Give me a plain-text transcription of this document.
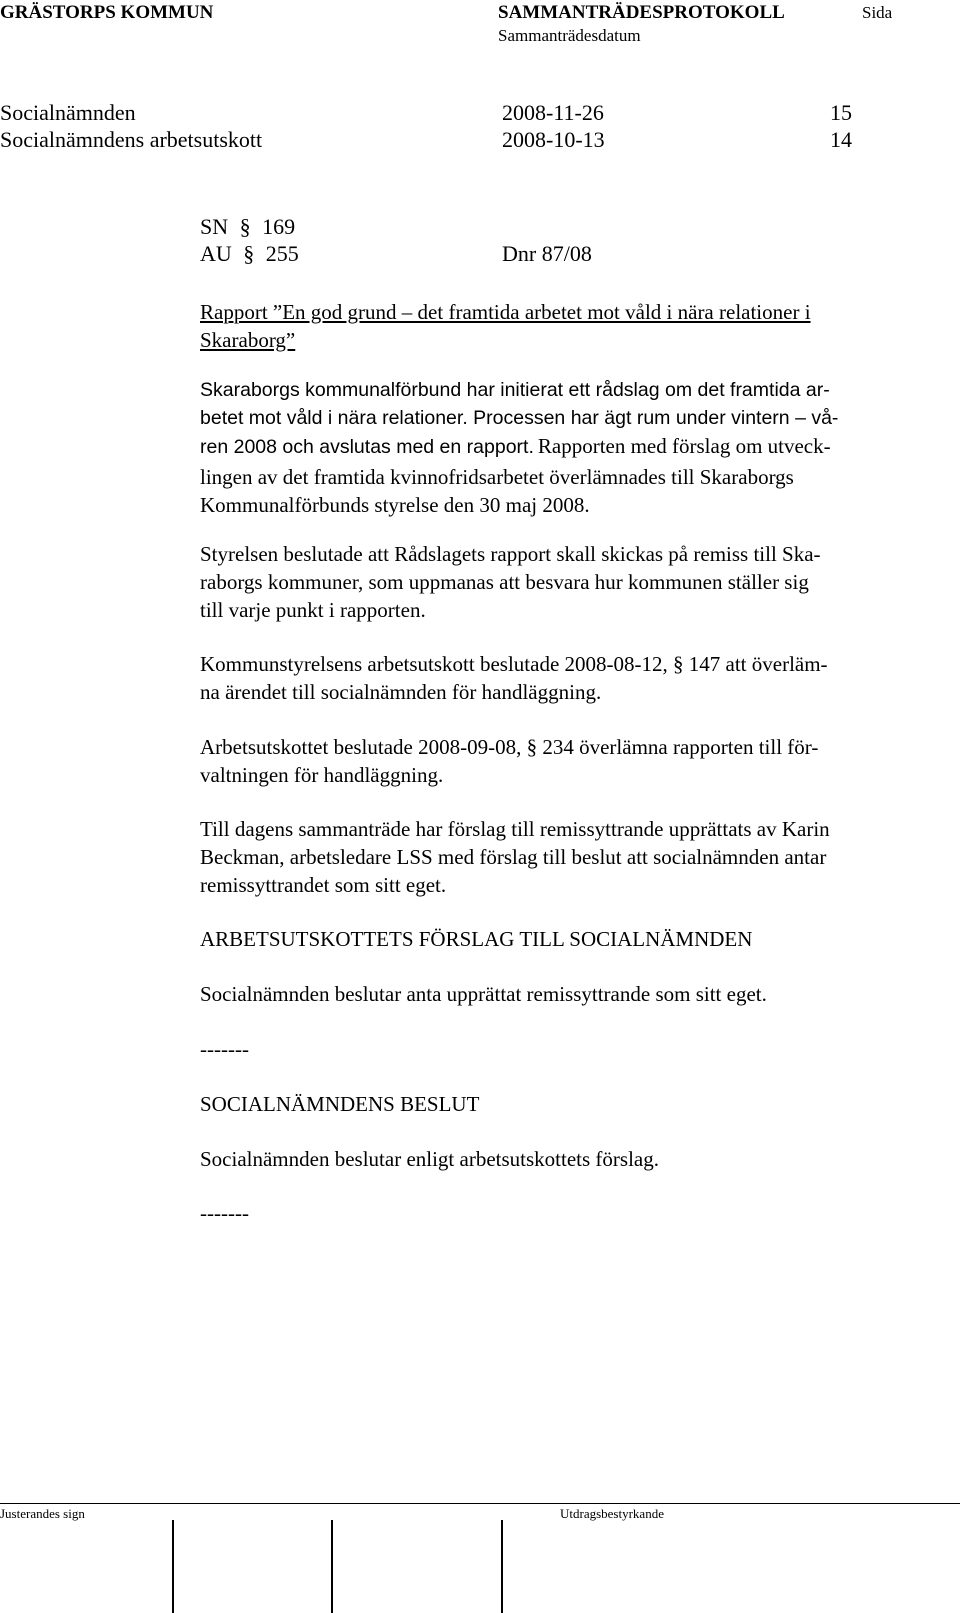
GRÄSTORPS KOMMUN	SAMMANTRÄDESPROTOKOLL	Sida
Sammanträdesdatum
Socialnämnden	2008-11-26	15
Socialnämndens arbetsutskott	2008-10-13	14
SN § 169
AU § 255	Dnr 87/08
Rapport ”En god grund – det framtida arbetet mot våld i nära relationer i
Skaraborg”
Skaraborgs kommunalförbund har initierat ett rådslag om det framtida ar-
betet mot våld i nära relationer. Processen har ägt rum under vintern – vå-
ren 2008 och avslutas med en rapport. Rapporten med förslag om utveck-
lingen av det framtida kvinnofridsarbetet överlämnades till Skaraborgs
Kommunalförbunds styrelse den 30 maj 2008.
Styrelsen beslutade att Rådslagets rapport skall skickas på remiss till Ska-
raborgs kommuner, som uppmanas att besvara hur kommunen ställer sig
till varje punkt i rapporten.
Kommunstyrelsens arbetsutskott beslutade 2008-08-12, § 147 att överläm-
na ärendet till socialnämnden för handläggning.
Arbetsutskottet beslutade 2008-09-08, § 234 överlämna rapporten till för-
valtningen för handläggning.
Till dagens sammanträde har förslag till remissyttrande upprättats av Karin
Beckman, arbetsledare LSS med förslag till beslut att socialnämnden antar
remissyttrandet som sitt eget.
ARBETSUTSKOTTETS FÖRSLAG TILL SOCIALNÄMNDEN
Socialnämnden beslutar anta upprättat remissyttrande som sitt eget.
-------
SOCIALNÄMNDENS BESLUT
Socialnämnden beslutar enligt arbetsutskottets förslag.
-------
Justerandes sign	Utdragsbestyrkande
